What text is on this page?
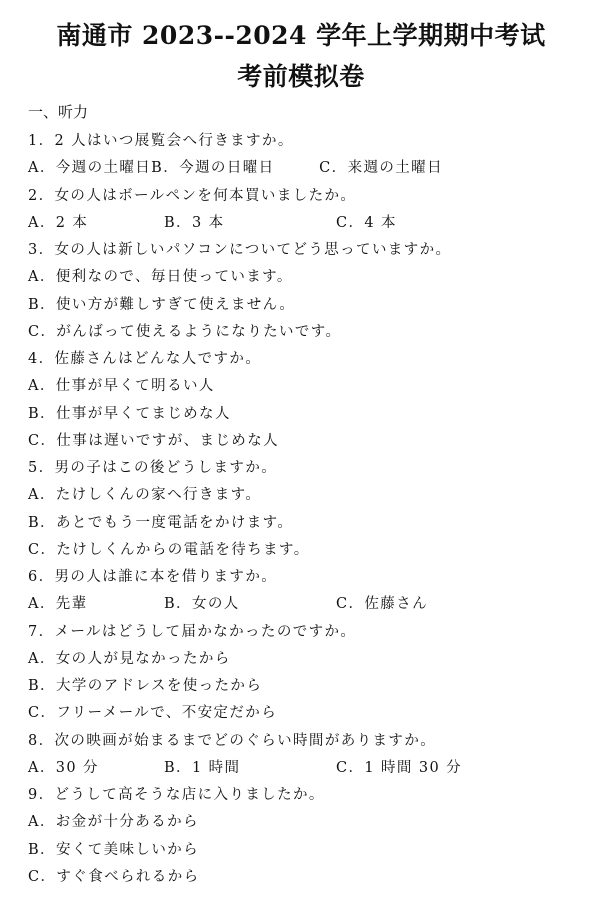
南通市 2023--2024 学年上学期期中考试
考前模拟卷
一、听力
1．2 人はいつ展覧会へ行きますか。
A．今週の土曜日 B．今週の日曜日	C．来週の土曜日
2．女の人はボールペンを何本買いましたか。
A．2 本	B．3 本	C．4 本
3．女の人は新しいパソコンについてどう思っていますか。
A．便利なので、毎日使っています。
B．使い方が難しすぎて使えません。
C．がんばって使えるようになりたいです。
4．佐藤さんはどんな人ですか。
A．仕事が早くて明るい人
B．仕事が早くてまじめな人
C．仕事は遅いですが、まじめな人
5．男の子はこの後どうしますか。
A．たけしくんの家へ行きます。
B．あとでもう一度電話をかけます。
C．たけしくんからの電話を待ちます。
6．男の人は誰に本を借りますか。
A．先輩	B．女の人	C．佐藤さん
7．メールはどうして届かなかったのですか。
A．女の人が見なかったから
B．大学のアドレスを使ったから
C．フリーメールで、不安定だから
8．次の映画が始まるまでどのぐらい時間がありますか。
A．30 分	B．1 時間	C．1 時間 30 分
9．どうして高そうな店に入りましたか。
A．お金が十分あるから
B．安くて美味しいから
C．すぐ食べられるから
